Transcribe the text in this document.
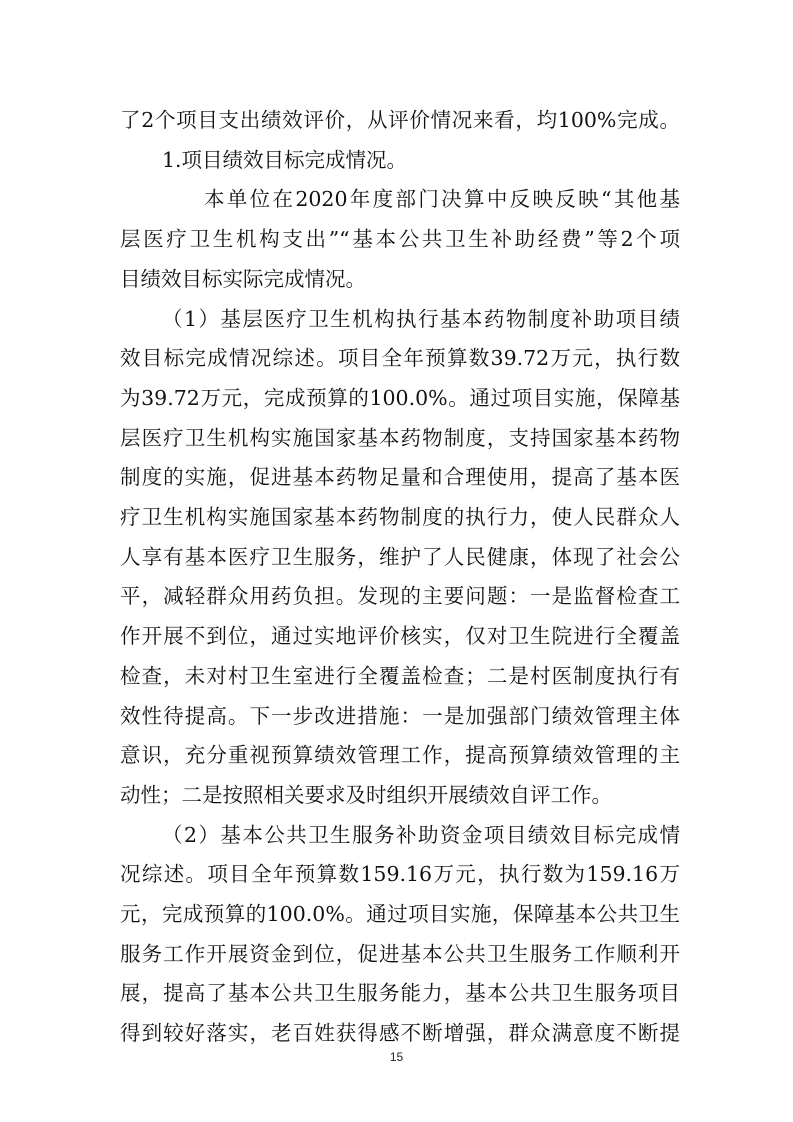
了2个项目支出绩效评价，从评价情况来看，均100%完成。
1.项目绩效目标完成情况。
本单位在2020年度部门决算中反映反映“其他基
层医疗卫生机构支出”“基本公共卫生补助经费”等2个项
目绩效目标实际完成情况。
（1）基层医疗卫生机构执行基本药物制度补助项目绩
效目标完成情况综述。项目全年预算数39.72万元，执行数
为39.72万元，完成预算的100.0%。通过项目实施，保障基
层医疗卫生机构实施国家基本药物制度，支持国家基本药物
制度的实施，促进基本药物足量和合理使用，提高了基本医
疗卫生机构实施国家基本药物制度的执行力，使人民群众人
人享有基本医疗卫生服务，维护了人民健康，体现了社会公
平，减轻群众用药负担。发现的主要问题：一是监督检查工
作开展不到位，通过实地评价核实，仅对卫生院进行全覆盖
检查，未对村卫生室进行全覆盖检查；二是村医制度执行有
效性待提高。下一步改进措施：一是加强部门绩效管理主体
意识，充分重视预算绩效管理工作，提高预算绩效管理的主
动性；二是按照相关要求及时组织开展绩效自评工作。
（2）基本公共卫生服务补助资金项目绩效目标完成情
况综述。项目全年预算数159.16万元，执行数为159.16万
元，完成预算的100.0%。通过项目实施，保障基本公共卫生
服务工作开展资金到位，促进基本公共卫生服务工作顺利开
展，提高了基本公共卫生服务能力，基本公共卫生服务项目
得到较好落实，老百姓获得感不断增强，群众满意度不断提
15
